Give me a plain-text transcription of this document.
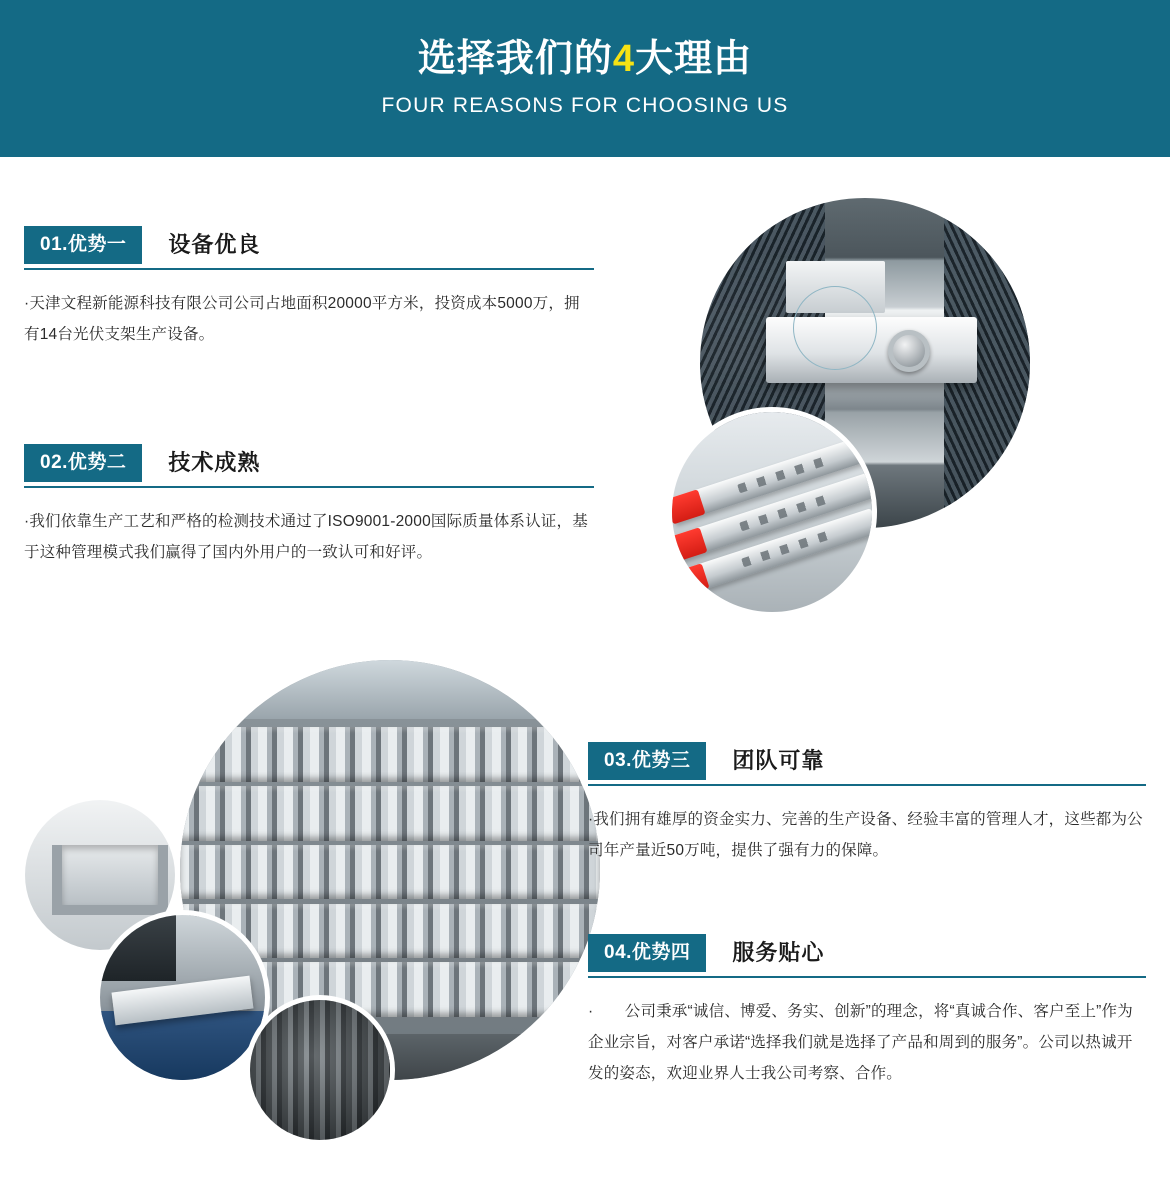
选择我们的4大理由
FOUR REASONS FOR CHOOSING US
01.优势一	设备优良
·天津文程新能源科技有限公司公司占地面积20000平方米，投资成本5000万，拥有14台光伏支架生产设备。
02.优势二	技术成熟
·我们依靠生产工艺和严格的检测技术通过了ISO9001-2000国际质量体系认证，基于这种管理模式我们赢得了国内外用户的一致认可和好评。
03.优势三	团队可靠
·我们拥有雄厚的资金实力、完善的生产设备、经验丰富的管理人才，这些都为公司年产量近50万吨，提供了强有力的保障。
04.优势四	服务贴心
·　　公司秉承“诚信、博爱、务实、创新”的理念，将“真诚合作、客户至上”作为企业宗旨，对客户承诺“选择我们就是选择了产品和周到的服务”。公司以热诚开发的姿态，欢迎业界人士我公司考察、合作。
